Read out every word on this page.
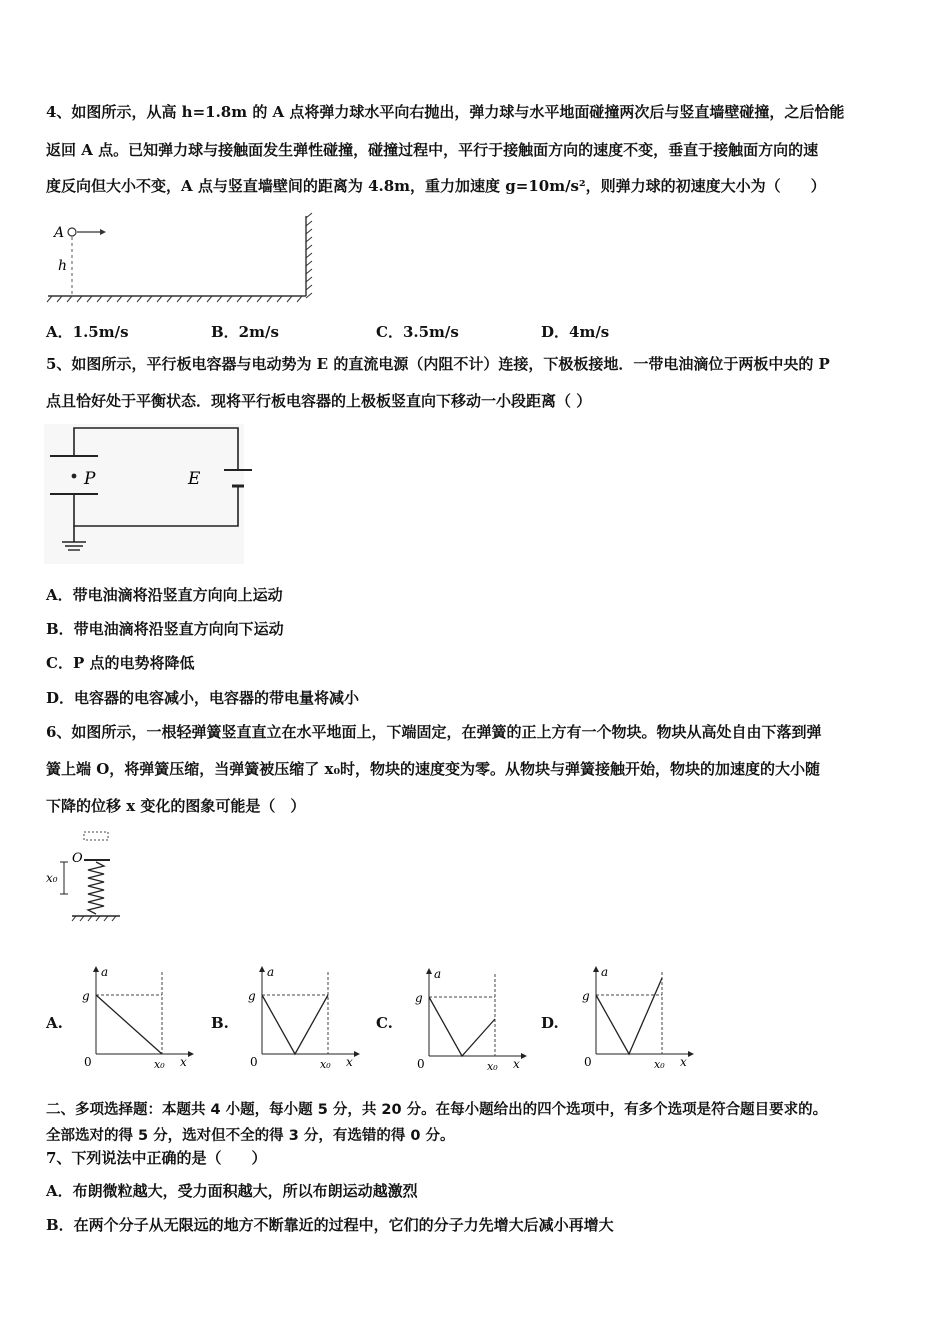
4、如图所示，从高 h=1.8m 的 A 点将弹力球水平向右抛出，弹力球与水平地面碰撞两次后与竖直墙壁碰撞，之后恰能
返回 A 点。已知弹力球与接触面发生弹性碰撞，碰撞过程中，平行于接触面方向的速度不变，垂直于接触面方向的速
度反向但大小不变，A 点与竖直墙壁间的距离为 4.8m，重力加速度 g=10m/s²，则弹力球的初速度大小为（　　）
A
h
A．1.5m/s	B．2m/s	C．3.5m/s	D．4m/s
5、如图所示，平行板电容器与电动势为 E 的直流电源（内阻不计）连接，下极板接地．一带电油滴位于两板中央的 P
点且恰好处于平衡状态．现将平行板电容器的上极板竖直向下移动一小段距离（ ）
P	E
A．带电油滴将沿竖直方向向上运动
B．带电油滴将沿竖直方向向下运动
C．P 点的电势将降低
D．电容器的电容减小，电容器的带电量将减小
6、如图所示，一根轻弹簧竖直直立在水平地面上，下端固定，在弹簧的正上方有一个物块。物块从高处自由下落到弹
簧上端 O，将弹簧压缩，当弹簧被压缩了 x₀时，物块的速度变为零。从物块与弹簧接触开始，物块的加速度的大小随
下降的位移 x 变化的图象可能是（　）
O
x₀
A.	B.	C.	D.
a
g
0	x₀ x
a
g
0	x₀ x
a
g
0	x₀ x
a
g
0	x₀ x
二、多项选择题：本题共 4 小题，每小题 5 分，共 20 分。在每小题给出的四个选项中，有多个选项是符合题目要求的。
全部选对的得 5 分，选对但不全的得 3 分，有选错的得 0 分。
7、下列说法中正确的是（　　）
A．布朗微粒越大，受力面积越大，所以布朗运动越激烈
B．在两个分子从无限远的地方不断靠近的过程中，它们的分子力先增大后减小再增大
